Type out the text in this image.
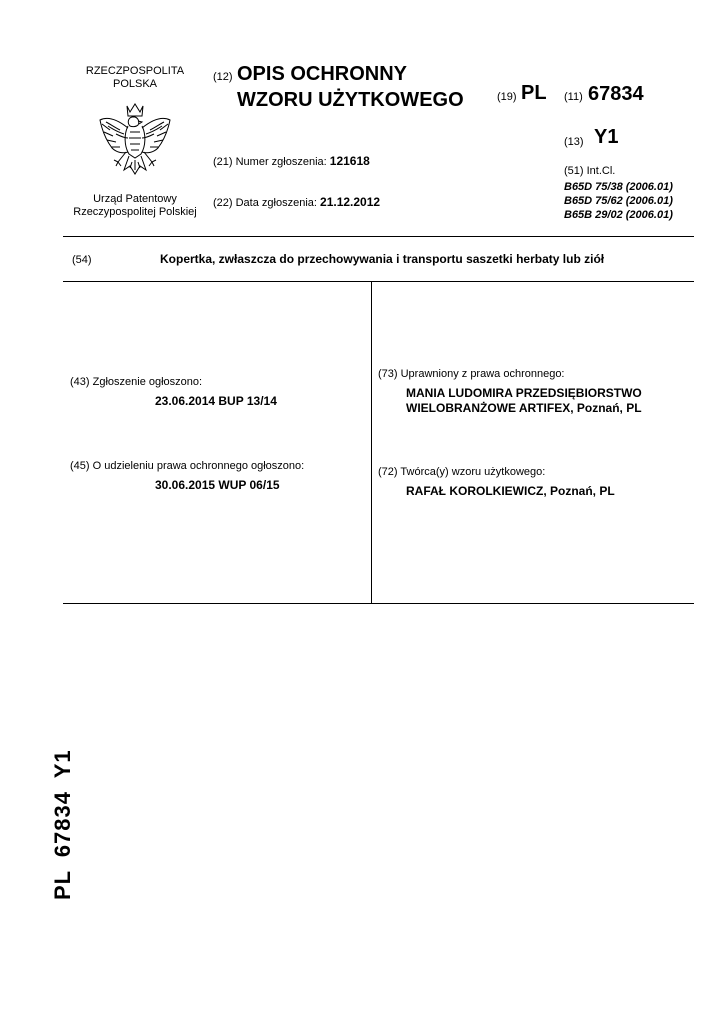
RZECZPOSPOLITA
POLSKA
Urząd Patentowy
Rzeczypospolitej Polskiej
(12) OPIS OCHRONNY
WZORU UŻYTKOWEGO	(19) PL (11) 67834
(13) Y1
(21) Numer zgłoszenia: 121618
(22) Data zgłoszenia: 21.12.2012
(51) Int.Cl.
B65D 75/38 (2006.01)
B65D 75/62 (2006.01)
B65B 29/02 (2006.01)
(54)	Kopertka, zwłaszcza do przechowywania i transportu saszetki herbaty lub ziół
(43) Zgłoszenie ogłoszono:
23.06.2014 BUP 13/14
(45) O udzieleniu prawa ochronnego ogłoszono:
30.06.2015 WUP 06/15
(73) Uprawniony z prawa ochronnego:
MANIA LUDOMIRA PRZEDSIĘBIORSTWO
WIELOBRANŻOWE ARTIFEX, Poznań, PL
(72) Twórca(y) wzoru użytkowego:
RAFAŁ KOROLKIEWICZ, Poznań, PL
PL 67834 Y1
